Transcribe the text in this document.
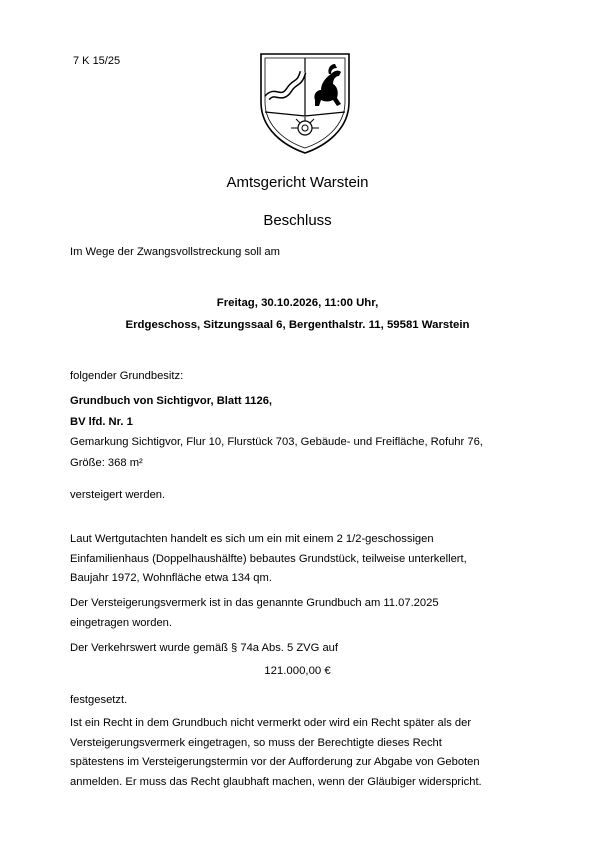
7 K 15/25
Amtsgericht Warstein
Beschluss
Im Wege der Zwangsvollstreckung soll am
Freitag, 30.10.2026, 11:00 Uhr,
Erdgeschoss, Sitzungssaal 6, Bergenthalstr. 11, 59581 Warstein
folgender Grundbesitz:
Grundbuch von Sichtigvor, Blatt 1126,
BV lfd. Nr. 1
Gemarkung Sichtigvor, Flur 10, Flurstück 703, Gebäude- und Freifläche, Rofuhr 76,
Größe: 368 m²
versteigert werden.
Laut Wertgutachten handelt es sich um ein mit einem 2 1/2-geschossigen
Einfamilienhaus (Doppelhaushälfte) bebautes Grundstück, teilweise unterkellert,
Baujahr 1972, Wohnfläche etwa 134 qm.
Der Versteigerungsvermerk ist in das genannte Grundbuch am 11.07.2025
eingetragen worden.
Der Verkehrswert wurde gemäß § 74a Abs. 5 ZVG auf
121.000,00 €
festgesetzt.
Ist ein Recht in dem Grundbuch nicht vermerkt oder wird ein Recht später als der
Versteigerungsvermerk eingetragen, so muss der Berechtigte dieses Recht
spätestens im Versteigerungstermin vor der Aufforderung zur Abgabe von Geboten
anmelden. Er muss das Recht glaubhaft machen, wenn der Gläubiger widerspricht.
